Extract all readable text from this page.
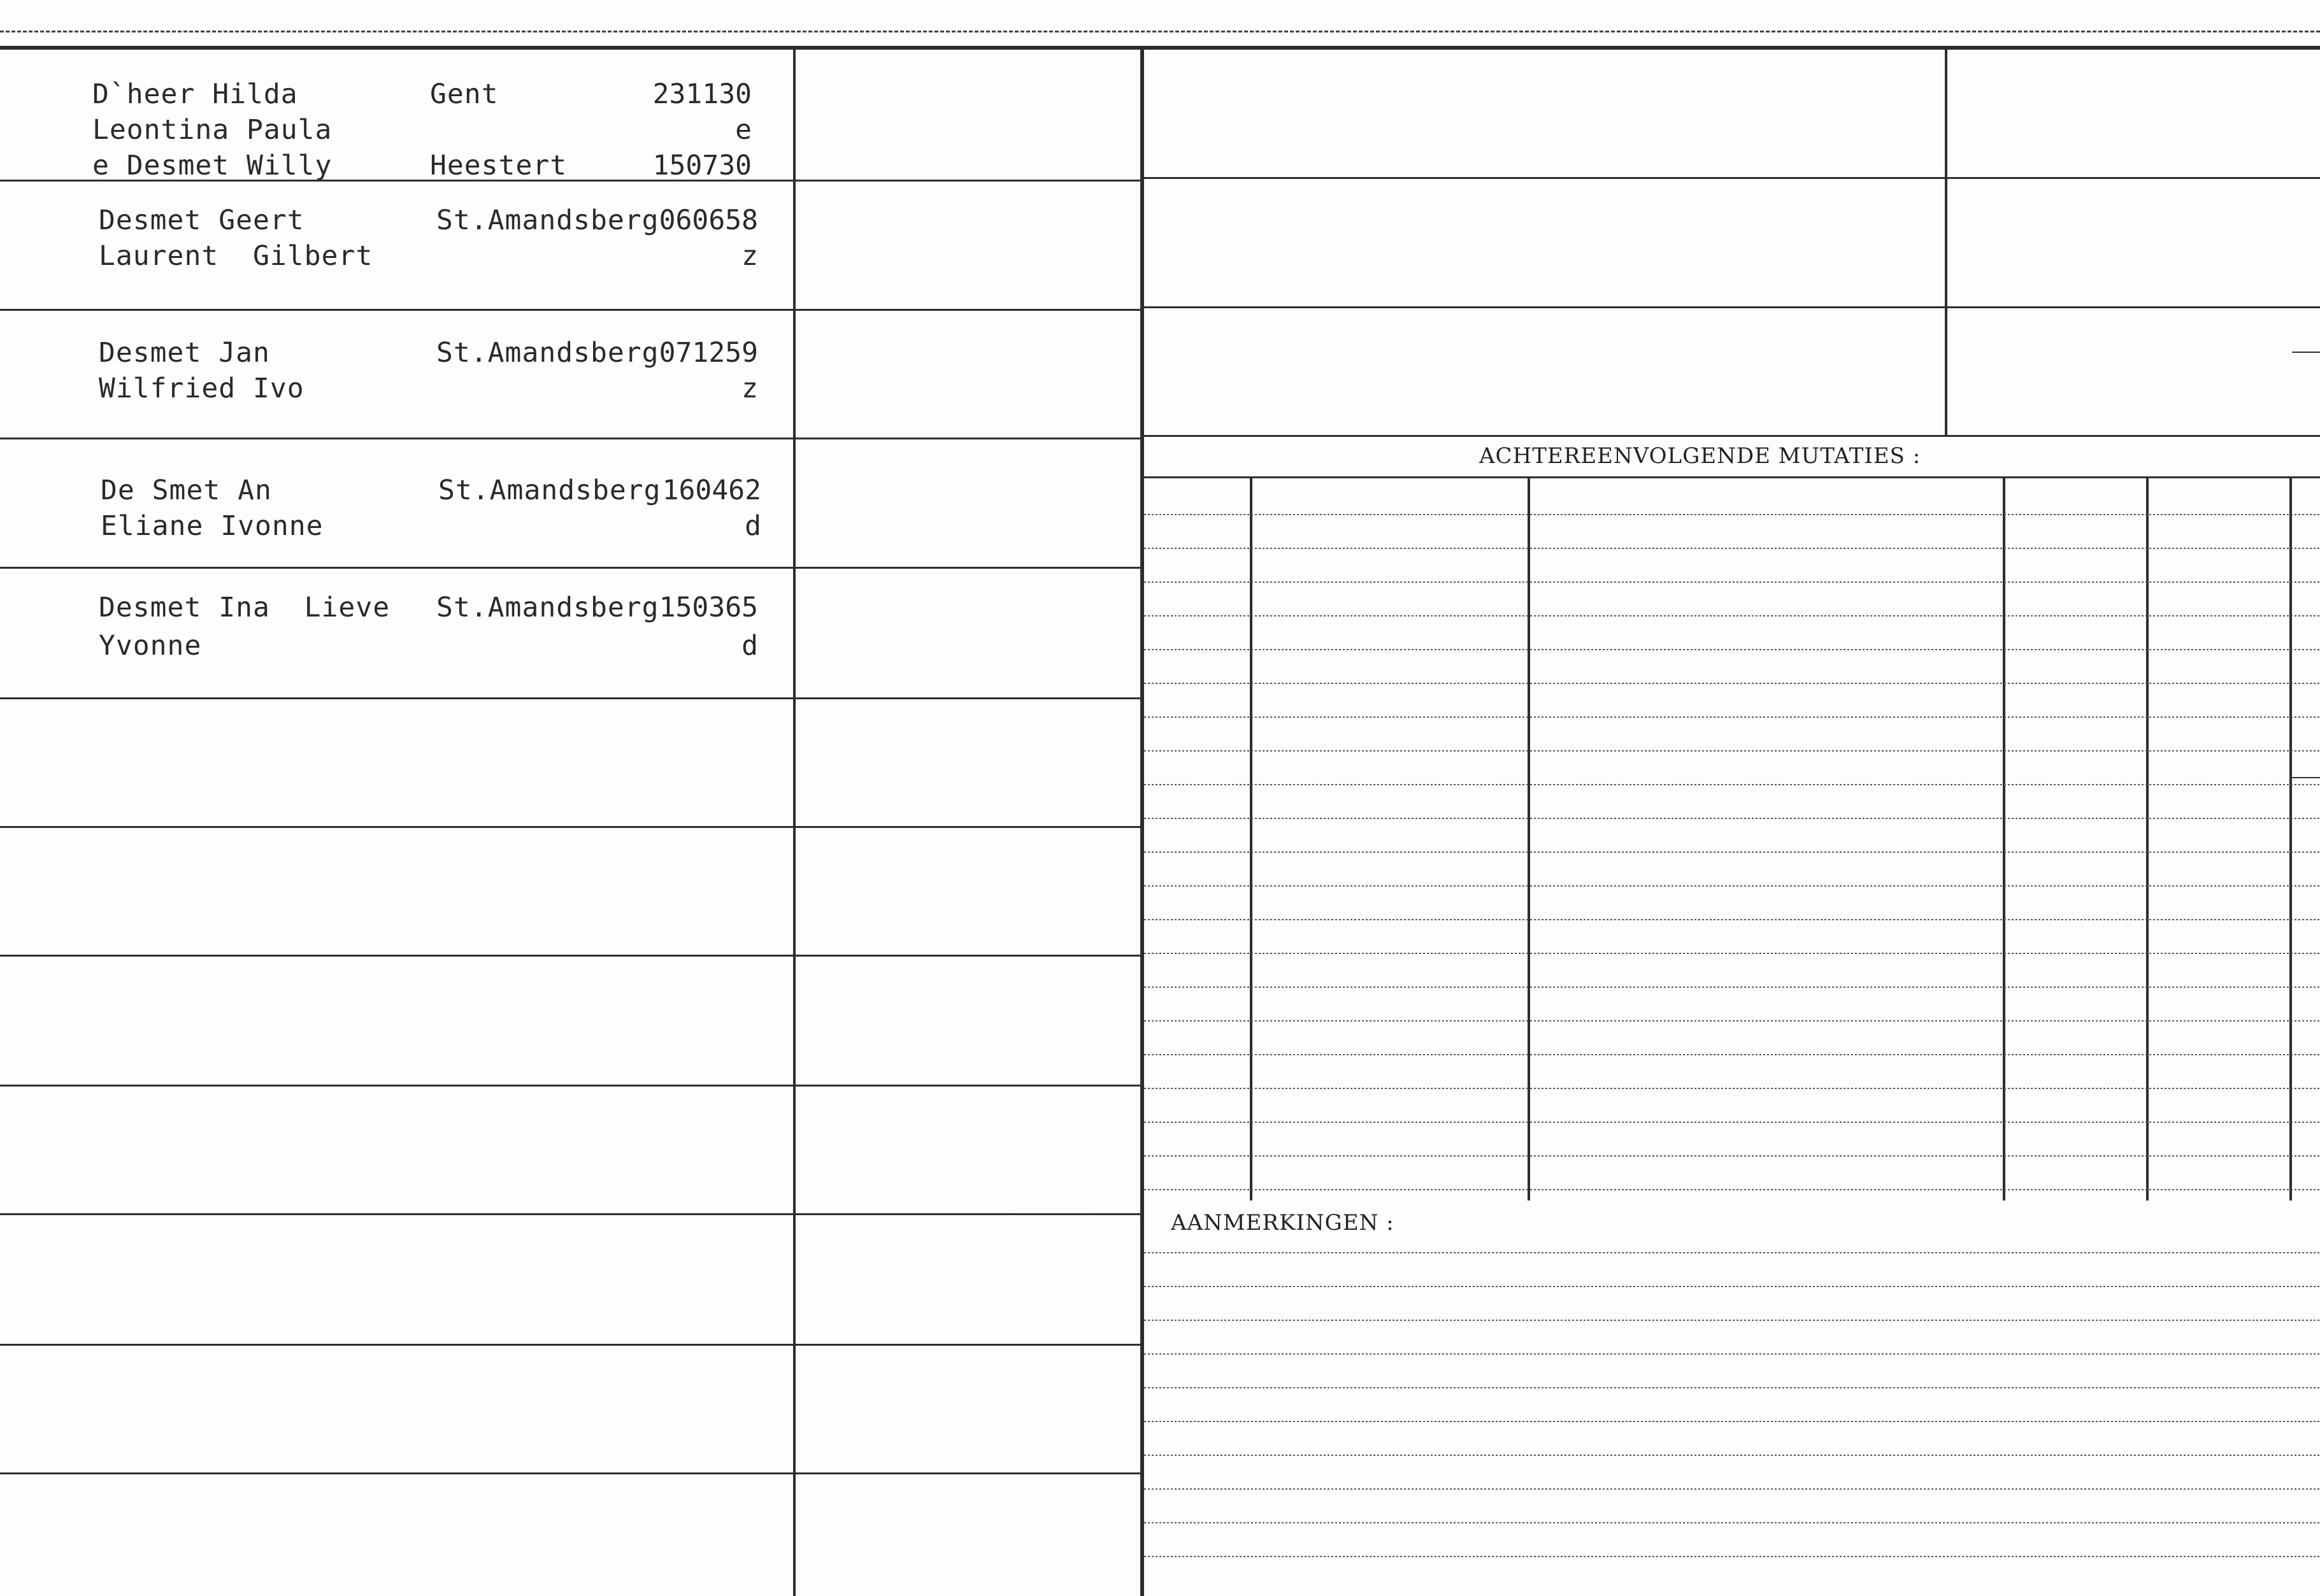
D`heer Hilda
Leontina Paula
e Desmet Willy
Gent
Heestert
231130
e
150730
Desmet Geert
Laurent  Gilbert
St.Amandsberg 060658
z
Desmet Jan
Wilfried Ivo
St.Amandsberg 071259
z
De Smet An
Eliane Ivonne
St.Amandsberg 160462
d
Desmet Ina  Lieve
Yvonne
St.Amandsberg 150365
d
ACHTEREENVOLGENDE MUTATIES :
AANMERKINGEN :
